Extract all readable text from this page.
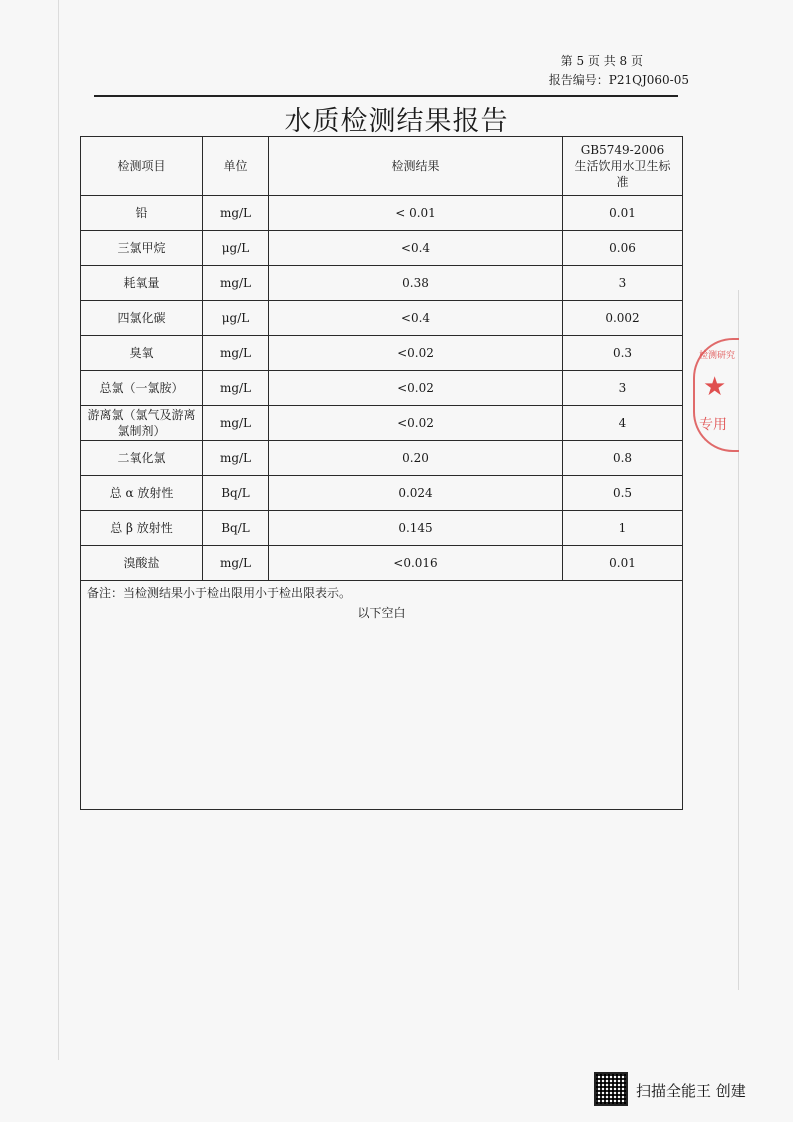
第 5 页 共 8 页
报告编号：P21QJ060-05
水质检测结果报告
检测项目	单位	检测结果	GB5749-2006 生活饮用水卫生标准
铅	mg/L	< 0.01	0.01
三氯甲烷	μg/L	<0.4	0.06
耗氧量	mg/L	0.38	3
四氯化碳	μg/L	<0.4	0.002
臭氧	mg/L	<0.02	0.3
总氯（一氯胺）	mg/L	<0.02	3
游离氯（氯气及游离氯制剂）	mg/L	<0.02	4
二氧化氯	mg/L	0.20	0.8
总 α 放射性	Bq/L	0.024	0.5
总 β 放射性	Bq/L	0.145	1
溴酸盐	mg/L	<0.016	0.01

备注：当检测结果小于检出限用小于检出限表示。
以下空白			
检测研究
★
专用
扫描全能王 创建
